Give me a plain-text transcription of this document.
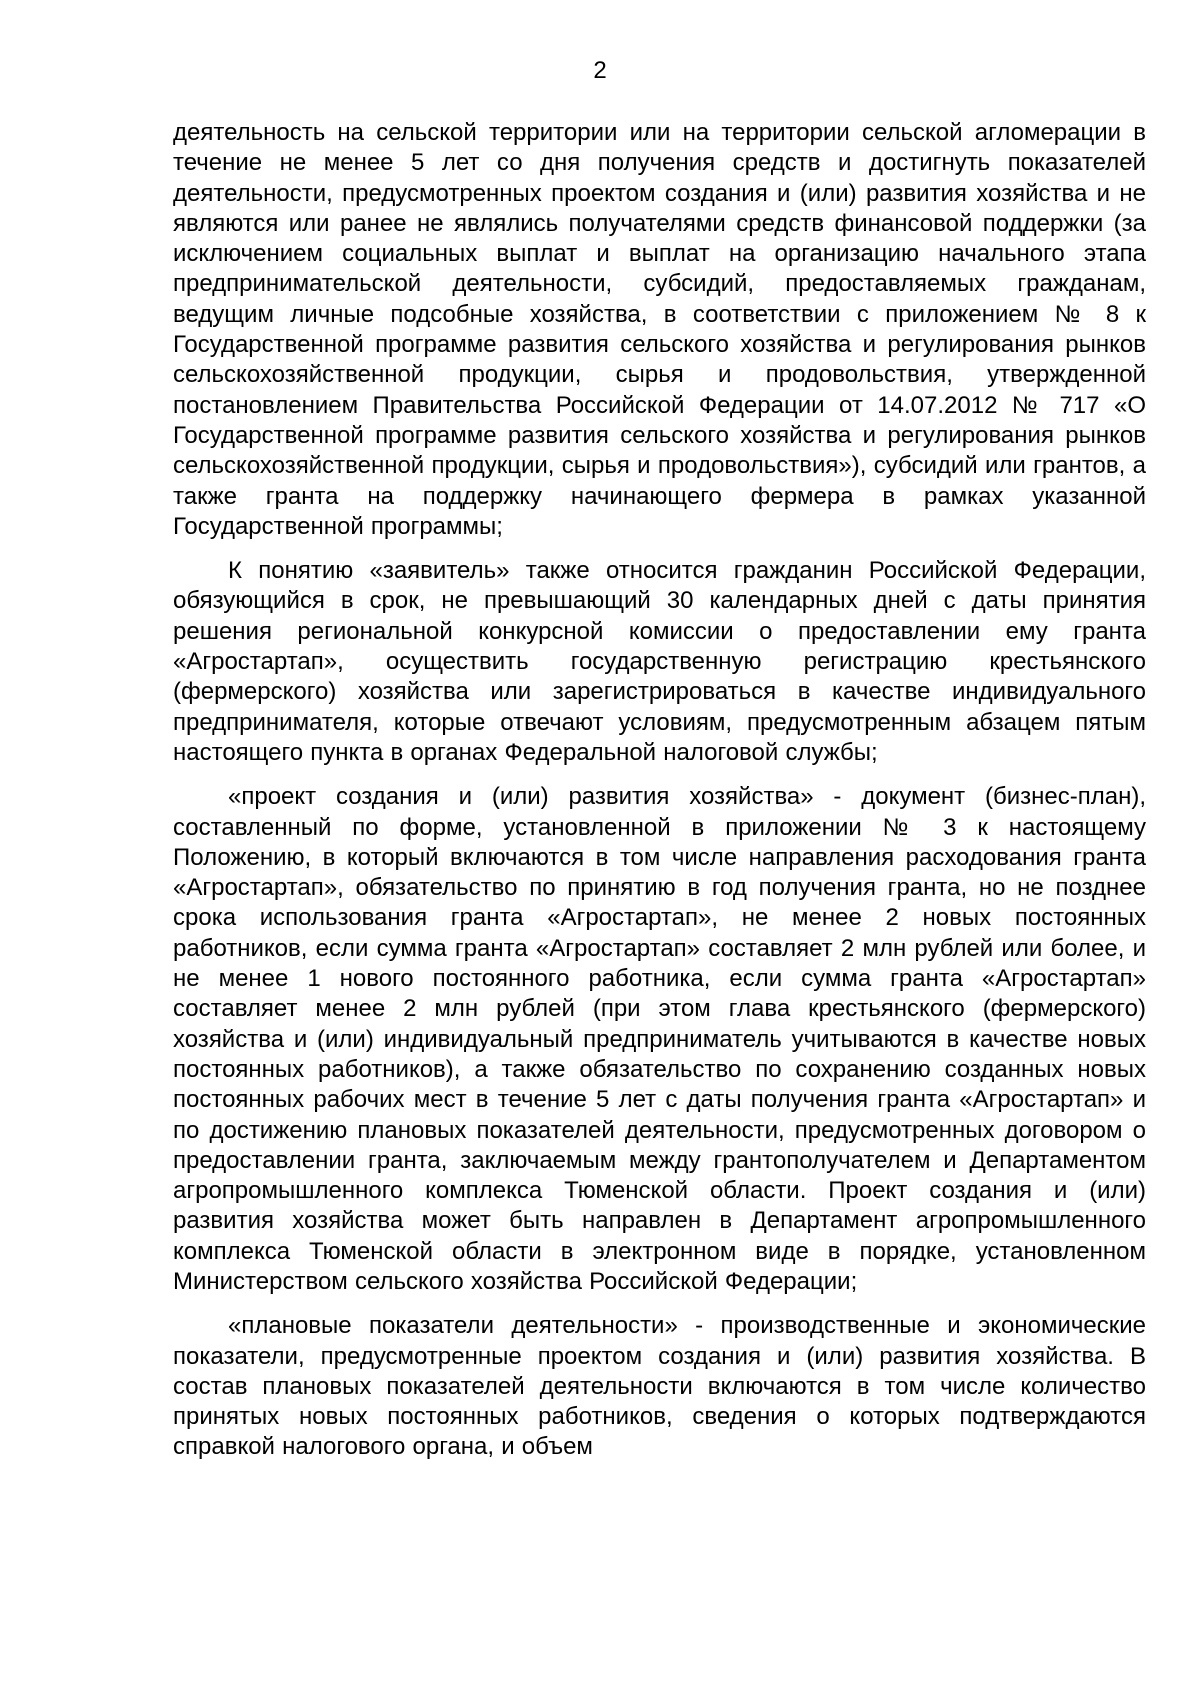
2

деятельность на сельской территории или на территории сельской агломерации в течение не менее 5 лет со дня получения средств и достигнуть показателей деятельности, предусмотренных проектом создания и (или) развития хозяйства и не являются или ранее не являлись получателями средств финансовой поддержки (за исключением социальных выплат и выплат на организацию начального этапа предпринимательской деятельности, субсидий, предоставляемых гражданам, ведущим личные подсобные хозяйства, в соответствии с приложением № 8 к Государственной программе развития сельского хозяйства и регулирования рынков сельскохозяйственной продукции, сырья и продовольствия, утвержденной постановлением Правительства Российской Федерации от 14.07.2012 № 717 «О Государственной программе развития сельского хозяйства и регулирования рынков сельскохозяйственной продукции, сырья и продовольствия»), субсидий или грантов, а также гранта на поддержку начинающего фермера в рамках указанной Государственной программы;

К понятию «заявитель» также относится гражданин Российской Федерации, обязующийся в срок, не превышающий 30 календарных дней с даты принятия решения региональной конкурсной комиссии о предоставлении ему гранта «Агростартап», осуществить государственную регистрацию крестьянского (фермерского) хозяйства или зарегистрироваться в качестве индивидуального предпринимателя, которые отвечают условиям, предусмотренным абзацем пятым настоящего пункта в органах Федеральной налоговой службы;

«проект создания и (или) развития хозяйства» - документ (бизнес-план), составленный по форме, установленной в приложении № 3 к настоящему Положению, в который включаются в том числе направления расходования гранта «Агростартап», обязательство по принятию в год получения гранта, но не позднее срока использования гранта «Агростартап», не менее 2 новых постоянных работников, если сумма гранта «Агростартап» составляет 2 млн рублей или более, и не менее 1 нового постоянного работника, если сумма гранта «Агростартап» составляет менее 2 млн рублей (при этом глава крестьянского (фермерского) хозяйства и (или) индивидуальный предприниматель учитываются в качестве новых постоянных работников), а также обязательство по сохранению созданных новых постоянных рабочих мест в течение 5 лет с даты получения гранта «Агростартап» и по достижению плановых показателей деятельности, предусмотренных договором о предоставлении гранта, заключаемым между грантополучателем и Департаментом агропромышленного комплекса Тюменской области. Проект создания и (или) развития хозяйства может быть направлен в Департамент агропромышленного комплекса Тюменской области в электронном виде в порядке, установленном Министерством сельского хозяйства Российской Федерации;

«плановые показатели деятельности» - производственные и экономические показатели, предусмотренные проектом создания и (или) развития хозяйства. В состав плановых показателей деятельности включаются в том числе количество принятых новых постоянных работников, сведения о которых подтверждаются справкой налогового органа, и объем
